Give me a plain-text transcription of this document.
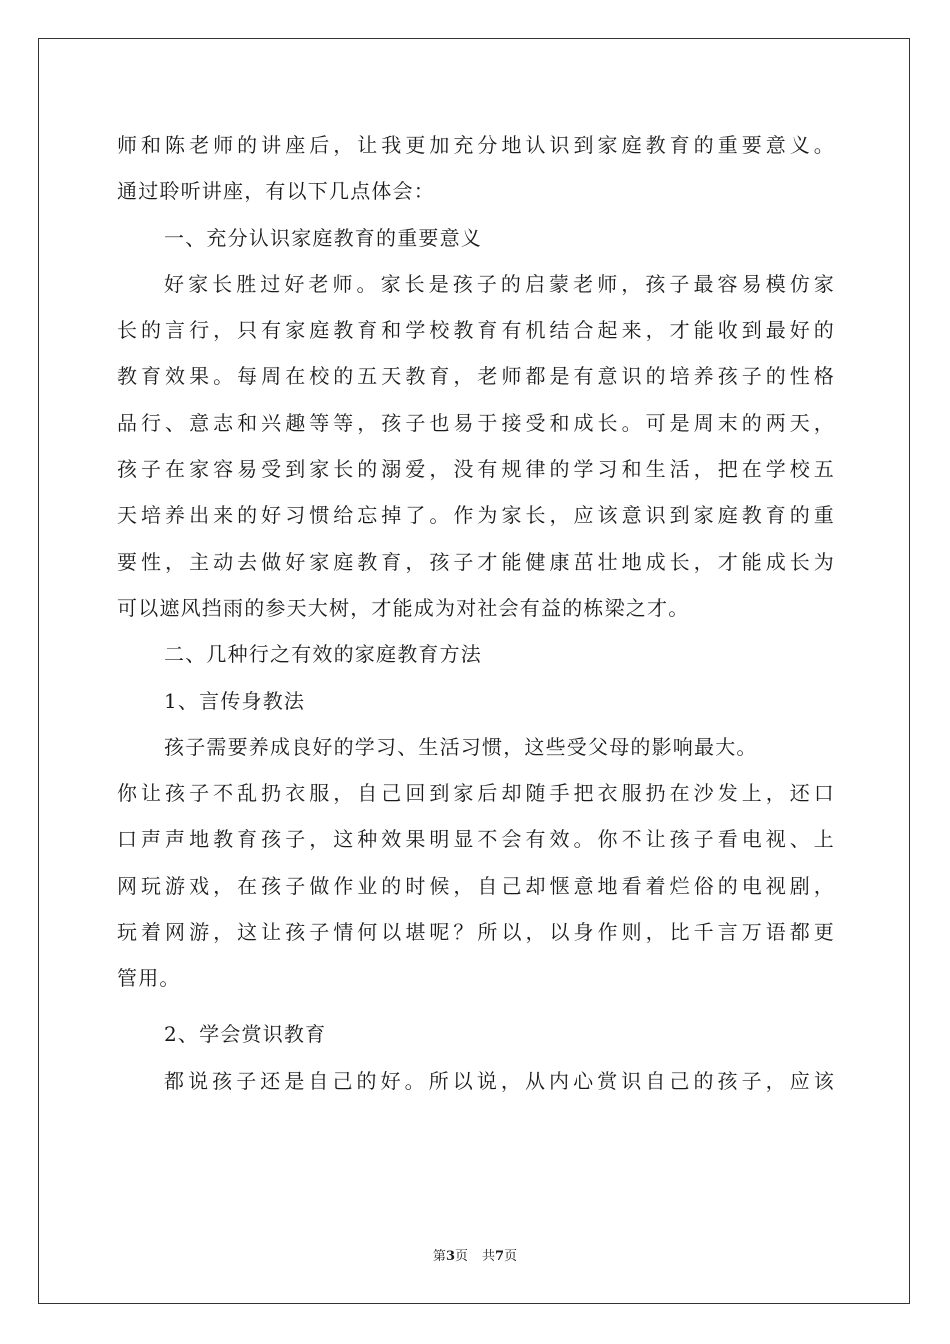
师和陈老师的讲座后，让我更加充分地认识到家庭教育的重要意义。
通过聆听讲座，有以下几点体会：
一、充分认识家庭教育的重要意义
好家长胜过好老师。家长是孩子的启蒙老师，孩子最容易模仿家
长的言行，只有家庭教育和学校教育有机结合起来，才能收到最好的
教育效果。每周在校的五天教育，老师都是有意识的培养孩子的性格
品行、意志和兴趣等等，孩子也易于接受和成长。可是周末的两天，
孩子在家容易受到家长的溺爱，没有规律的学习和生活，把在学校五
天培养出来的好习惯给忘掉了。作为家长，应该意识到家庭教育的重
要性，主动去做好家庭教育，孩子才能健康茁壮地成长，才能成长为
可以遮风挡雨的参天大树，才能成为对社会有益的栋梁之才。
二、几种行之有效的家庭教育方法
1、言传身教法
孩子需要养成良好的学习、生活习惯，这些受父母的影响最大。
你让孩子不乱扔衣服，自己回到家后却随手把衣服扔在沙发上，还口
口声声地教育孩子，这种效果明显不会有效。你不让孩子看电视、上
网玩游戏，在孩子做作业的时候，自己却惬意地看着烂俗的电视剧，
玩着网游，这让孩子情何以堪呢？所以，以身作则，比千言万语都更
管用。
2、学会赏识教育
都说孩子还是自己的好。所以说，从内心赏识自己的孩子，应该
第3页 共7页
